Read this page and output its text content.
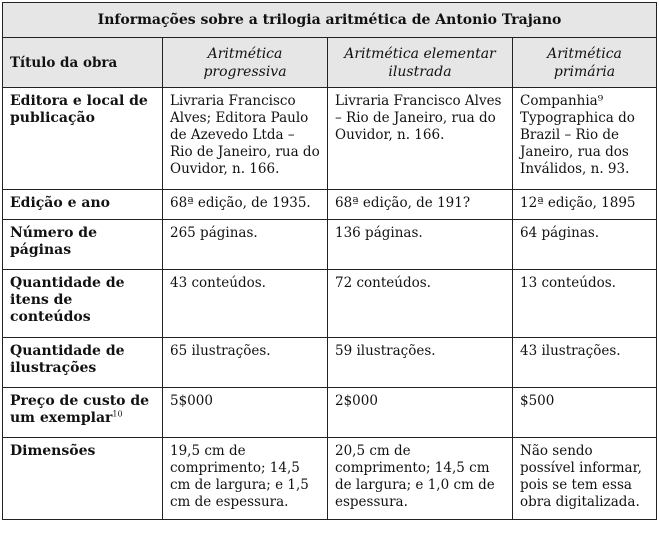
Informações sobre a trilogia aritmética de Antonio Trajano			
Título da obra	Aritmética progressiva	Aritmética elementar ilustrada	Aritmética primária
Editora e local de publicação	Livraria Francisco Alves; Editora Paulo de Azevedo Ltda – Rio de Janeiro, rua do Ouvidor, n. 166.	Livraria Francisco Alves – Rio de Janeiro, rua do Ouvidor, n. 166.	Companhia⁹ Typographica do Brazil – Rio de Janeiro, rua dos Inválidos, n. 93.
Edição e ano	68ª edição, de 1935.	68ª edição, de 191?	12ª edição, 1895
Número de páginas	265 páginas.	136 páginas.	64 páginas.
Quantidade de itens de conteúdos	43 conteúdos.	72 conteúdos.	13 conteúdos.
Quantidade de ilustrações	65 ilustrações.	59 ilustrações.	43 ilustrações.
Preço de custo de um exemplar$^{10}$	5$000	2$000	$500
Dimensões	19,5 cm de comprimento; 14,5 cm de largura; e 1,5 cm de espessura.	20,5 cm de comprimento; 14,5 cm de largura; e 1,0 cm de espessura.	Não sendo possível informar, pois se tem essa obra digitalizada.
